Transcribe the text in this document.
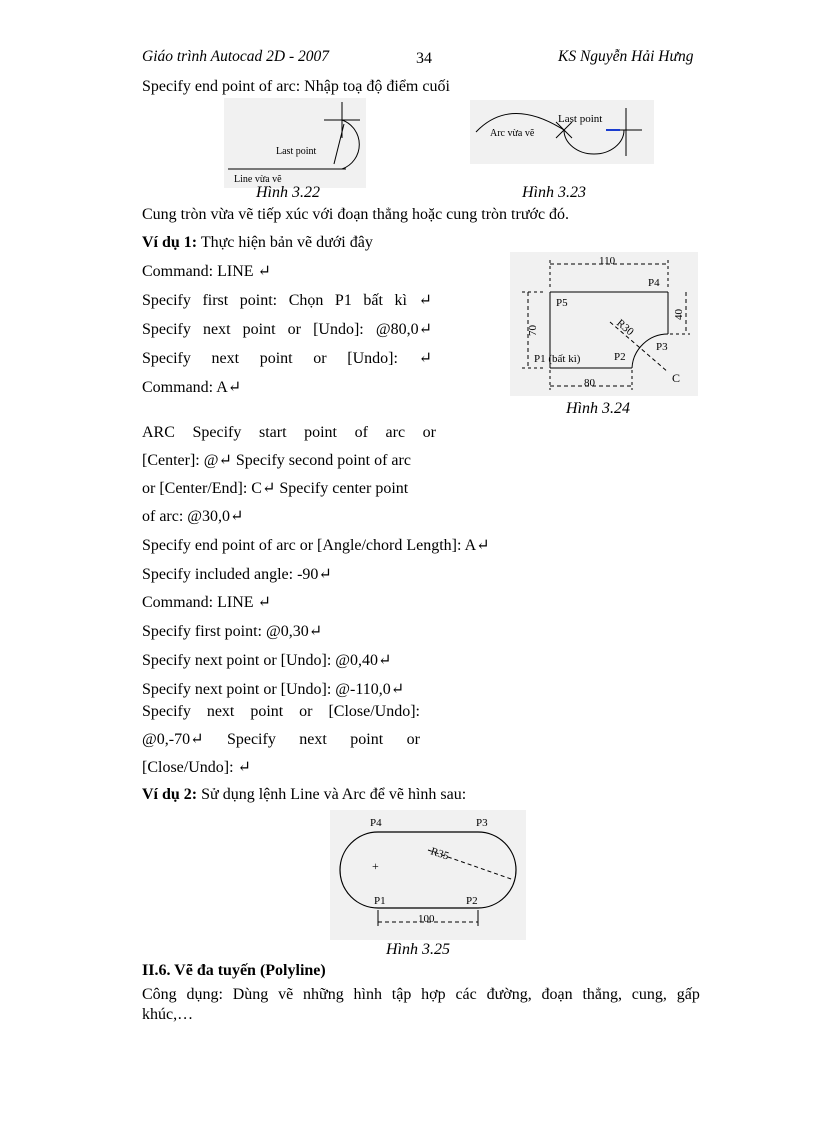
Giáo trình Autocad 2D - 2007	34	KS Nguyễn Hải Hưng
Specify end point of arc: Nhập toạ độ điểm cuối
Last point
Line vừa vẽ
Hình 3.22
Last point
Arc vừa vẽ
Hình 3.23
Cung tròn vừa vẽ tiếp xúc với đoạn thẳng hoặc cung tròn trước đó.
Ví dụ 1: Thực hiện bản vẽ dưới đây
Command: LINE ↵
Specify first point: Chọn P1 bất kì ↵
Specify next point or [Undo]: @80,0↵
Specify next point or [Undo]: ↵
Command: A↵
110
R30
70
40
80
P4
P5
P1 (bất kì)	P2
P3
C
Hình 3.24
ARC Specify start point of arc or
[Center]: @↵ Specify second point of arc
or [Center/End]: C↵ Specify center point
of arc: @30,0↵
Specify end point of arc or [Angle/chord Length]: A↵
Specify included angle: -90↵
Command: LINE ↵
Specify first point: @0,30↵
Specify next point or [Undo]: @0,40↵
Specify next point or [Undo]: @-110,0↵
Specify next point or [Close/Undo]:
@0,-70↵ Specify next point or
[Close/Undo]: ↵
Ví dụ 2: Sử dụng lệnh Line và Arc để vẽ hình sau:
+
R35
P4	P3
P1	P2
100
Hình 3.25
II.6. Vẽ đa tuyến (Polyline)
Công dụng: Dùng vẽ những hình tập hợp các đường, đoạn thẳng, cung, gấp
khúc,…
